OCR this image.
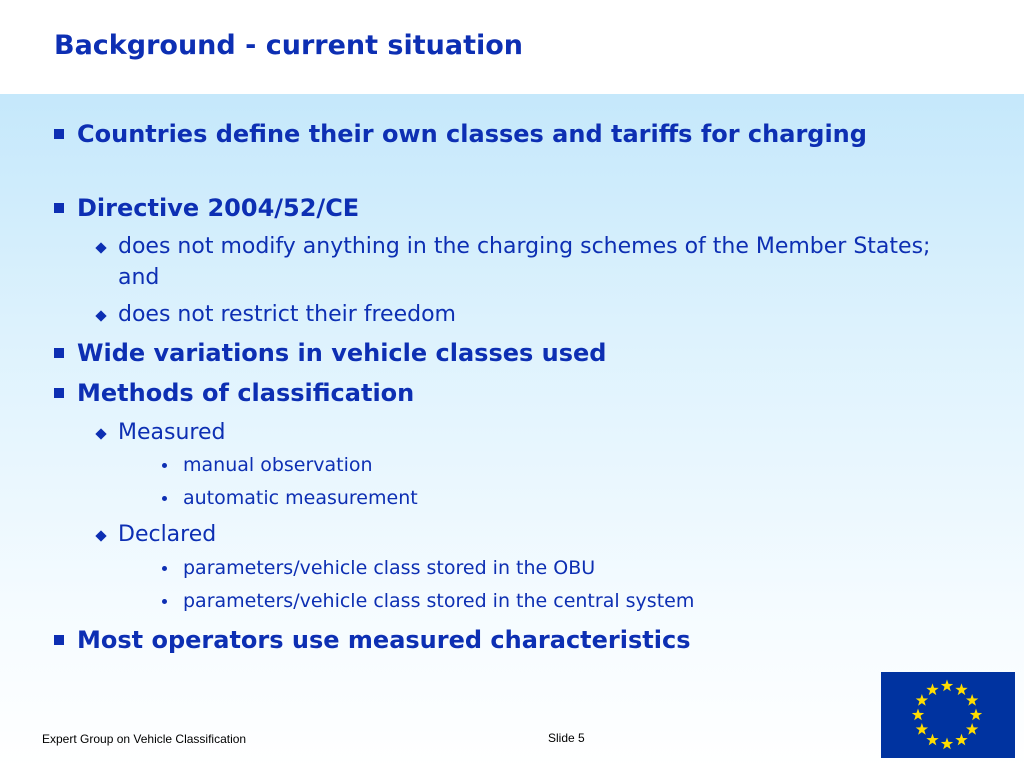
Background - current situation
Countries define their own classes and tariffs for charging
Directive 2004/52/CE
does not modify anything in the charging schemes of the Member States; and
does not restrict their freedom
Wide variations in vehicle classes used
Methods of classification
Measured
manual observation
automatic measurement
Declared
parameters/vehicle class stored in the OBU
parameters/vehicle class stored in the central system
Most operators use measured characteristics
Expert Group on Vehicle Classification	Slide 5
